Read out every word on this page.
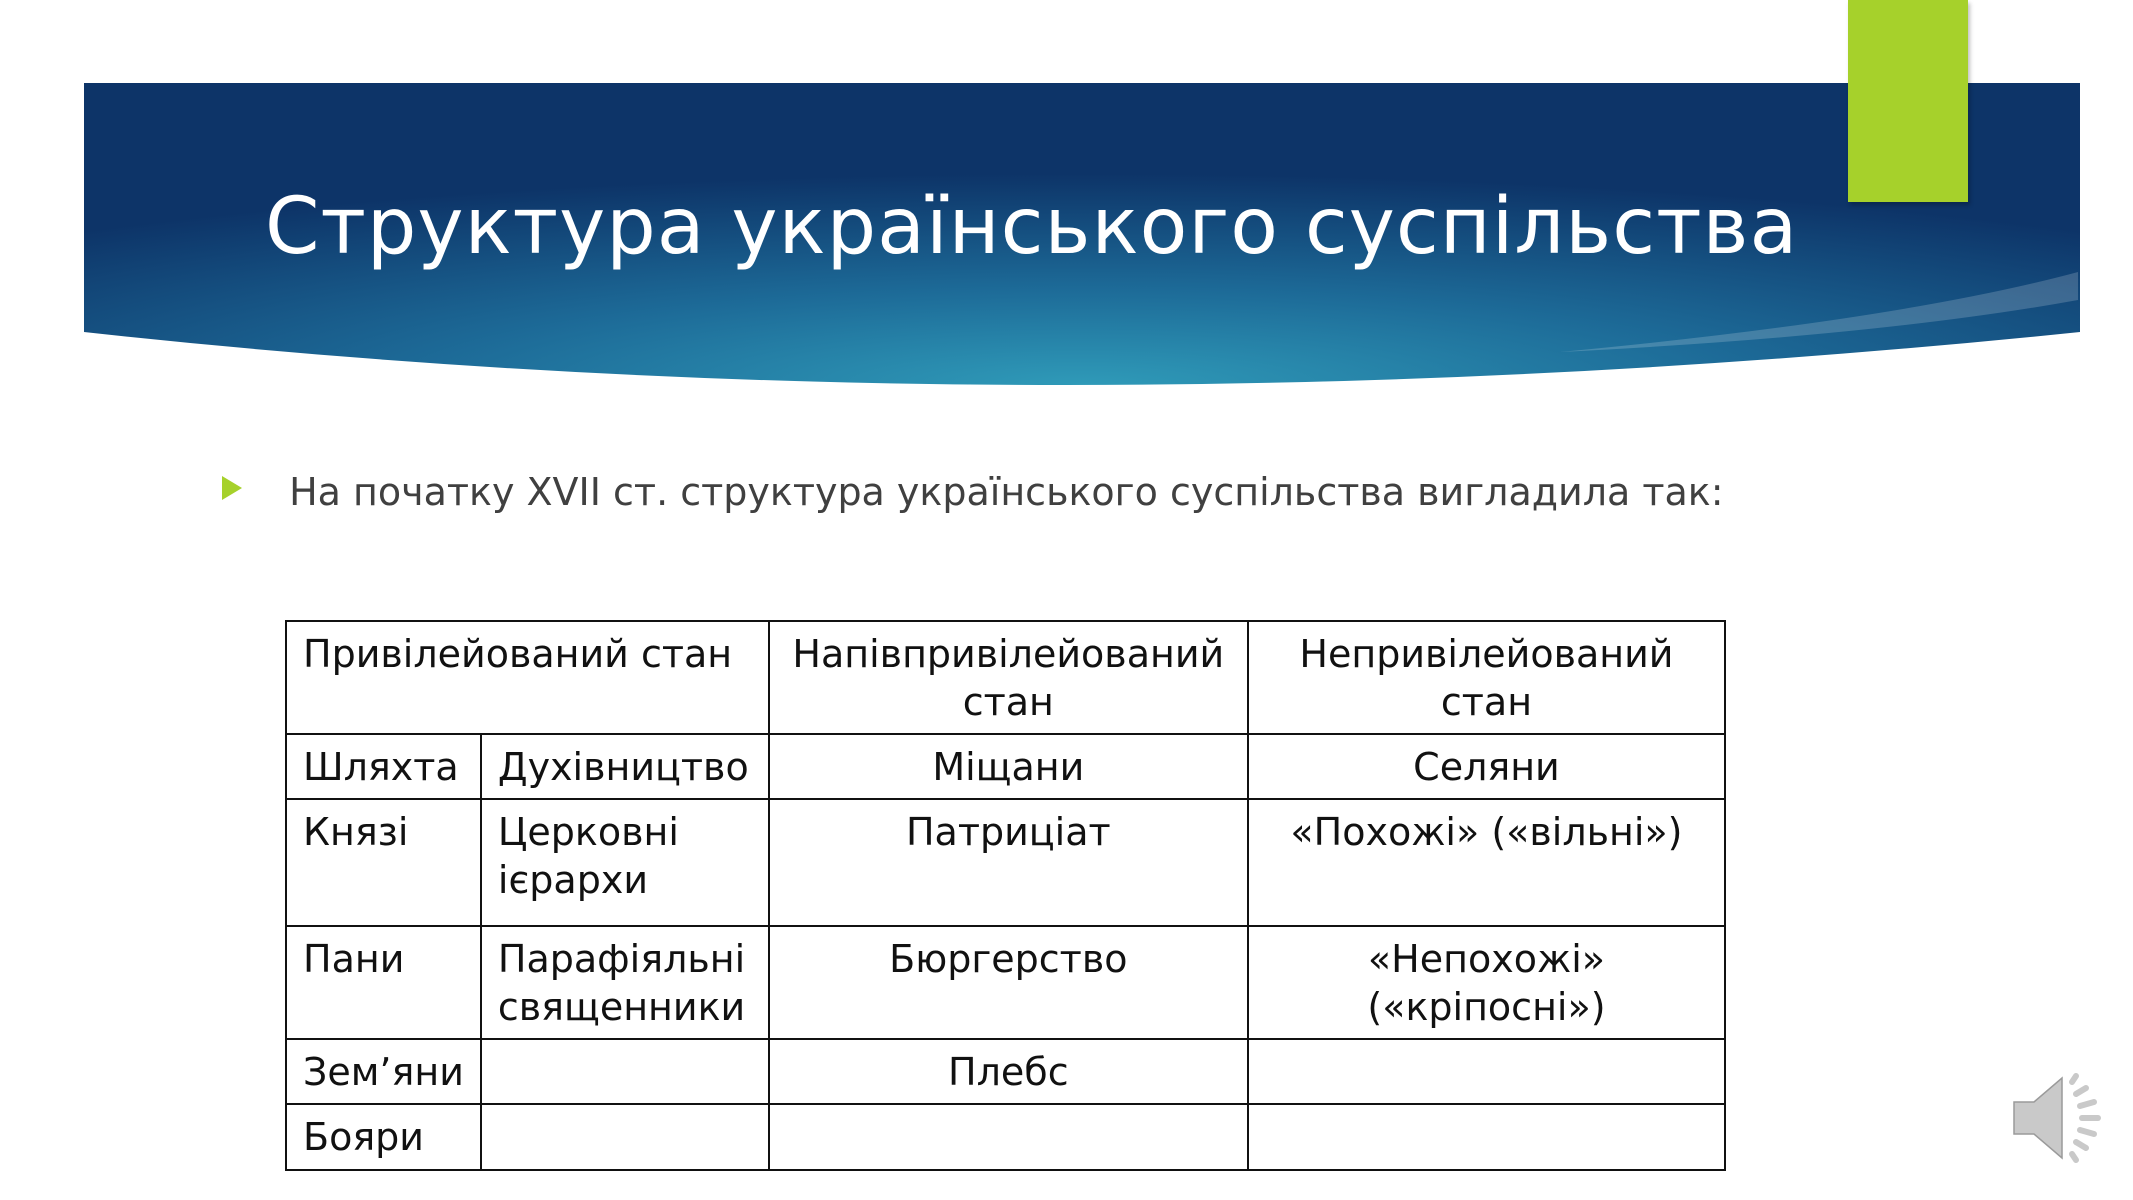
Структура українського суспільства
На початку XVII ст. структура українського суспільства вигладила так:
Привілейований стан		Напівпривілейований стан	Непривілейований стан
Шляхта	Духівництво	Міщани	Селяни
Князі	Церковні ієрархи	Патриціат	«Похожі» («вільні»)
Пани	Парафіяльні священники	Бюргерство	«Непохожі» («кріпосні»)
Зем’яни		Плебс	
Бояри			
